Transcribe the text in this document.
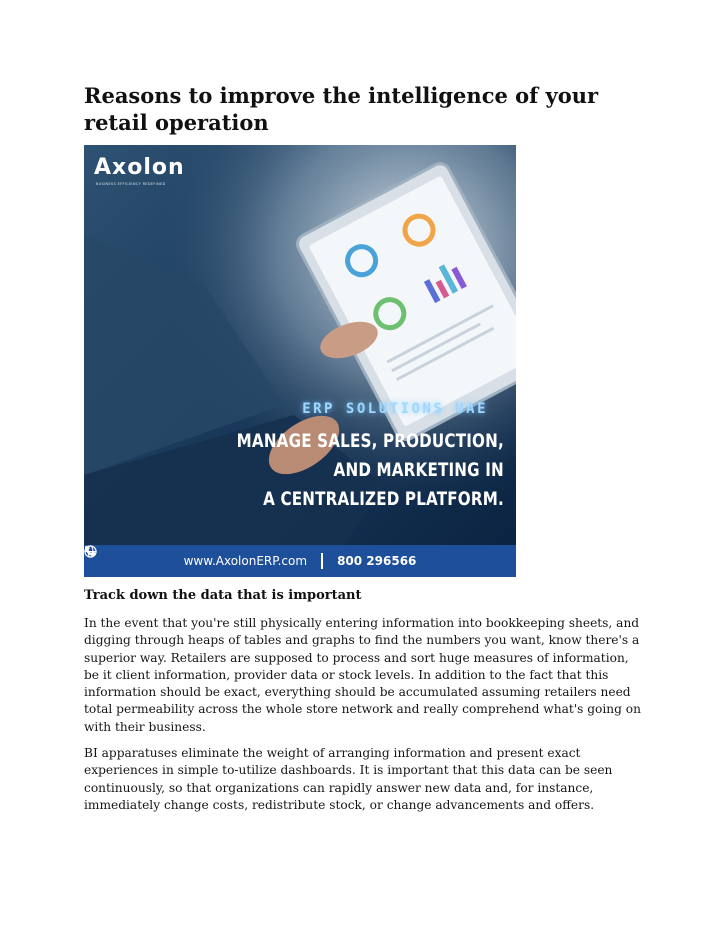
Reasons to improve the intelligence of your retail operation
Axolon
BUSINESS EFFICIENCY REDEFINED
ERP SOLUTIONS UAE
MANAGE SALES, PRODUCTION,
AND MARKETING IN
A CENTRALIZED PLATFORM.
www.AxolonERP.com	800 296566
Track down the data that is important

In the event that you're still physically entering information into bookkeeping sheets, and digging through heaps of tables and graphs to find the numbers you want, know there's a superior way. Retailers are supposed to process and sort huge measures of information, be it client information, provider data or stock levels. In addition to the fact that this information should be exact, everything should be accumulated assuming retailers need total permeability across the whole store network and really comprehend what's going on with their business.

BI apparatuses eliminate the weight of arranging information and present exact experiences in simple to-utilize dashboards. It is important that this data can be seen continuously, so that organizations can rapidly answer new data and, for instance, immediately change costs, redistribute stock, or change advancements and offers.
